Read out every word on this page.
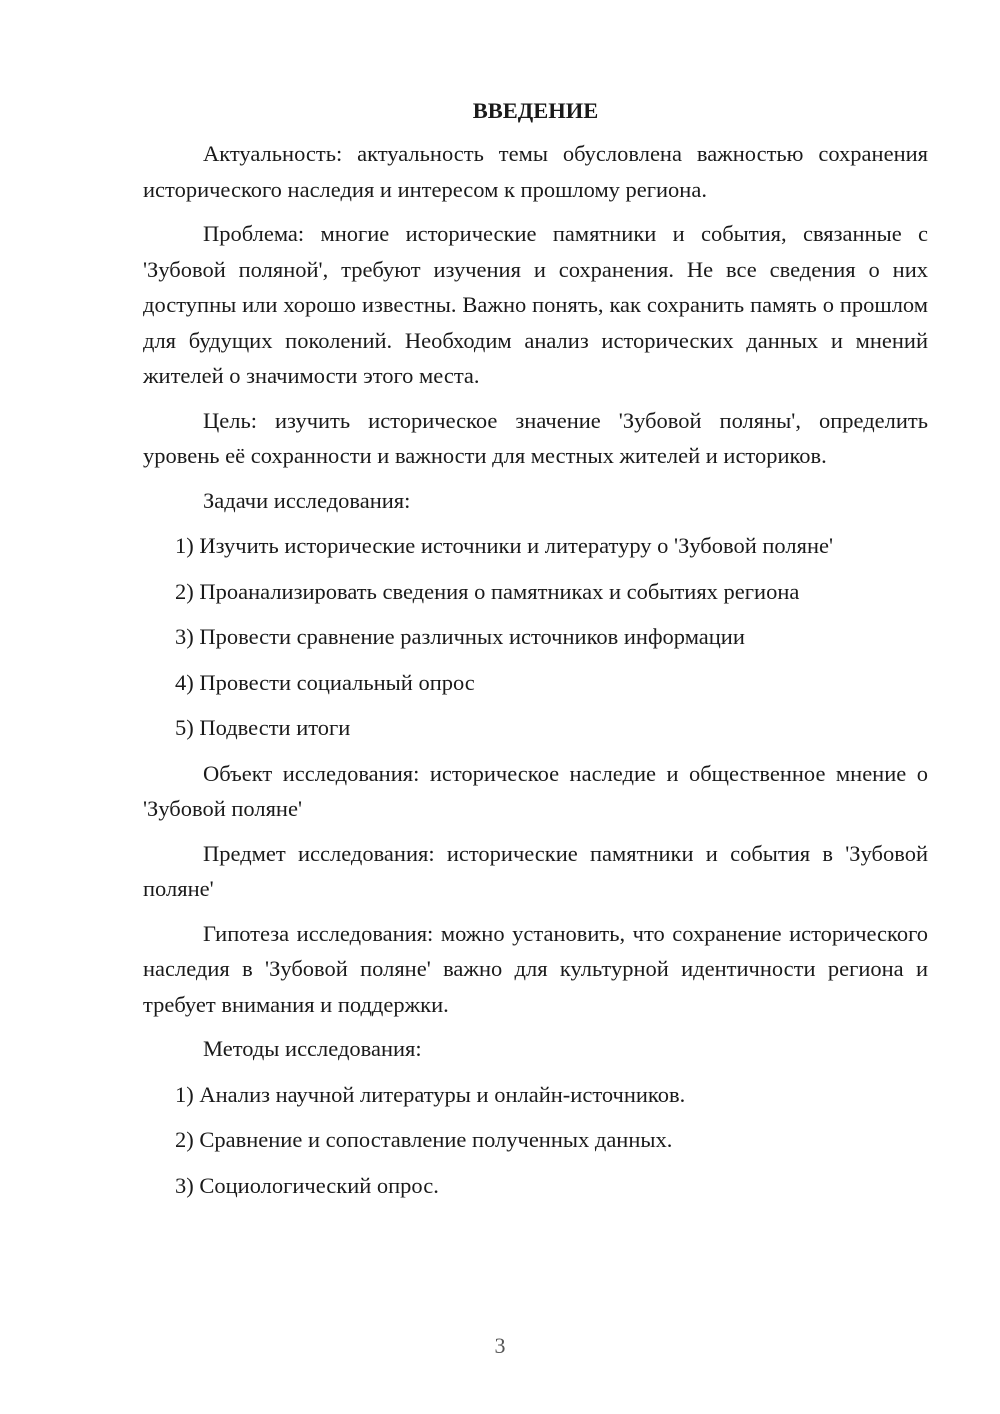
ВВЕДЕНИЕ

Актуальность: актуальность темы обусловлена важностью сохранения исторического наследия и интересом к прошлому региона.

Проблема: многие исторические памятники и события, связанные с 'Зубовой поляной', требуют изучения и сохранения. Не все сведения о них доступны или хорошо известны. Важно понять, как сохранить память о прошлом для будущих поколений. Необходим анализ исторических данных и мнений жителей о значимости этого места.

Цель: изучить историческое значение 'Зубовой поляны', определить уровень её сохранности и важности для местных жителей и историков.

Задачи исследования:

1) Изучить исторические источники и литературу о 'Зубовой поляне'

2) Проанализировать сведения о памятниках и событиях региона

3) Провести сравнение различных источников информации

4) Провести социальный опрос

5) Подвести итоги

Объект исследования: историческое наследие и общественное мнение о 'Зубовой поляне'

Предмет исследования: исторические памятники и события в 'Зубовой поляне'

Гипотеза исследования: можно установить, что сохранение исторического наследия в 'Зубовой поляне' важно для культурной идентичности региона и требует внимания и поддержки.

Методы исследования:

1) Анализ научной литературы и онлайн-источников.

2) Сравнение и сопоставление полученных данных.

3) Социологический опрос.

3
